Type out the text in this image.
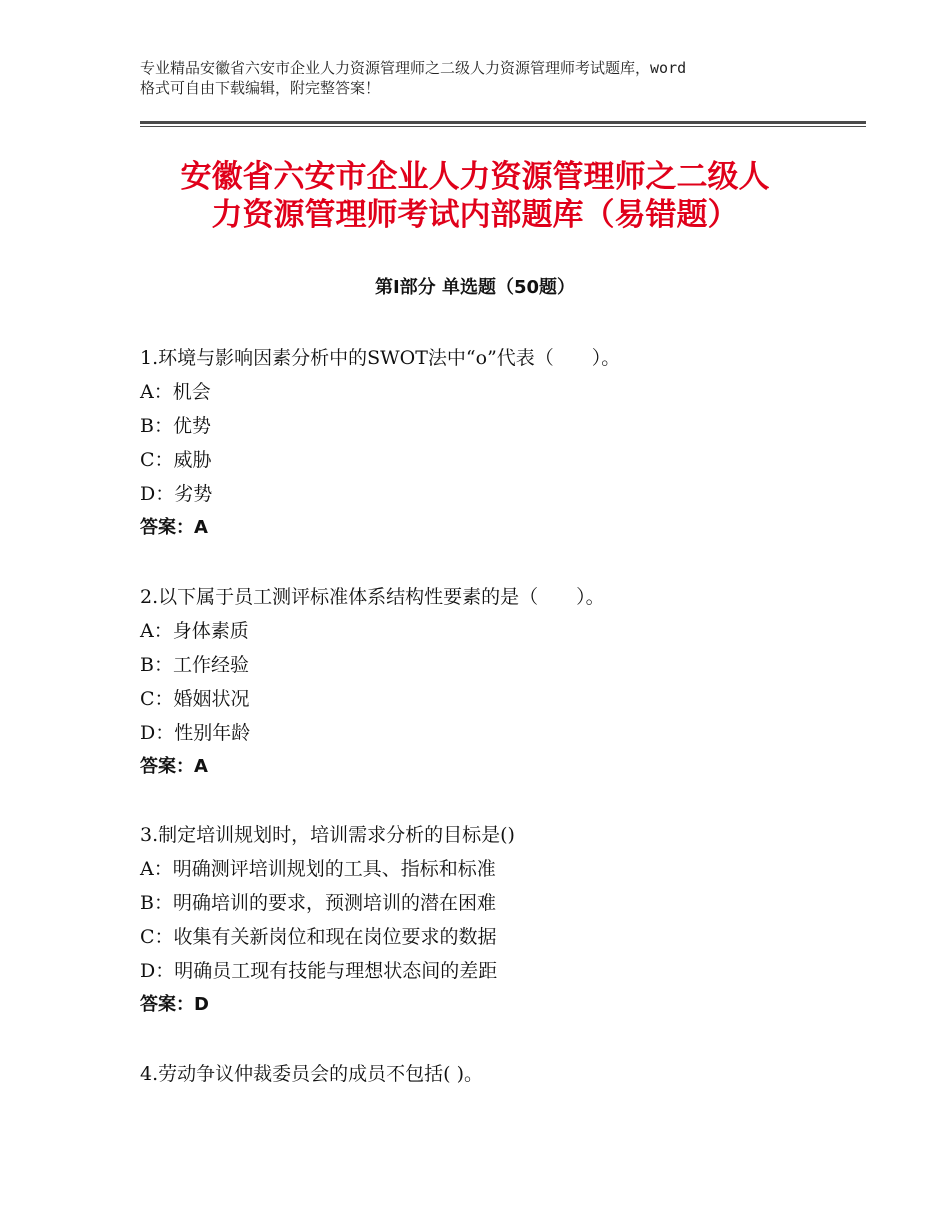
专业精品安徽省六安市企业人力资源管理师之二级人力资源管理师考试题库，word
格式可自由下载编辑，附完整答案！
安徽省六安市企业人力资源管理师之二级人
力资源管理师考试内部题库（易错题）
第Ⅰ部分 单选题（50题）
1.环境与影响因素分析中的SWOT法中“o”代表（　　）。
A：机会
B：优势
C：威胁
D：劣势
答案：A
2.以下属于员工测评标准体系结构性要素的是（　　）。
A：身体素质
B：工作经验
C：婚姻状况
D：性别年龄
答案：A
3.制定培训规划时，培训需求分析的目标是()
A：明确测评培训规划的工具、指标和标准
B：明确培训的要求，预测培训的潜在困难
C：收集有关新岗位和现在岗位要求的数据
D：明确员工现有技能与理想状态间的差距
答案：D
4.劳动争议仲裁委员会的成员不包括( )。
